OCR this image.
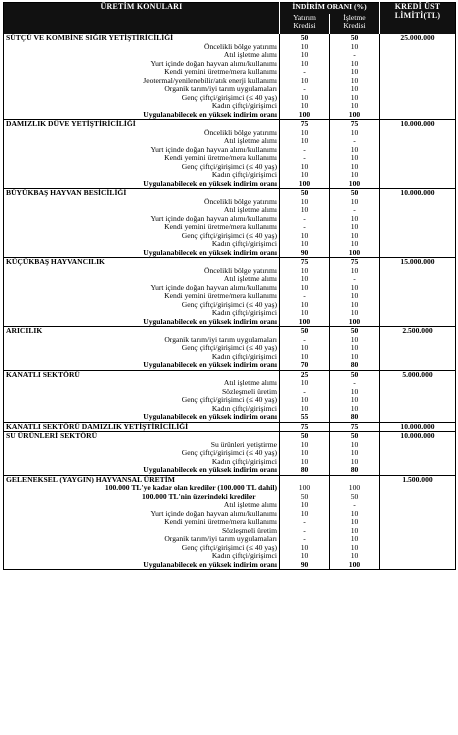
ÜRETİM KONULARI	İNDİRİM ORANI (%)		KREDİ ÜST LİMİTİ(TL)
	Yatırım Kredisi	İşletme Kredisi	
SÜTÇÜ VE KOMBİNE SIĞIR YETİŞTİRİCİLİĞİ	50	50	25.000.000
Öncelikli bölge yatırımı	10	10	
Atıl işletme alımı	10	-	
Yurt içinde doğan hayvan alımı/kullanımı	10	10	
Kendi yemini üretme/mera kullanımı	-	10	
Jeotermal/yenilenebilir/atık enerji kullanımı	10	10	
Organik tarım/iyi tarım uygulamaları	-	10	
Genç çiftçi/girişimci (≤ 40 yaş)	10	10	
Kadın çiftçi/girişimci	10	10	
Uygulanabilecek en yüksek indirim oranı	100	100	
DAMIZLIK DÜVE YETİŞTİRİCİLİĞİ	75	75	10.000.000
Öncelikli bölge yatırımı	10	10	
Atıl işletme alımı	10	-	
Yurt içinde doğan hayvan alımı/kullanımı	-	10	
Kendi yemini üretme/mera kullanımı	-	10	
Genç çiftçi/girişimci (≤ 40 yaş)	10	10	
Kadın çiftçi/girişimci	10	10	
Uygulanabilecek en yüksek indirim oranı	100	100	
BÜYÜKBAŞ HAYVAN BESİCİLİĞİ	50	50	10.000.000
Öncelikli bölge yatırımı	10	10	
Atıl işletme alımı	10	-	
Yurt içinde doğan hayvan alımı/kullanımı	-	10	
Kendi yemini üretme/mera kullanımı	-	10	
Genç çiftçi/girişimci (≤ 40 yaş)	10	10	
Kadın çiftçi/girişimci	10	10	
Uygulanabilecek en yüksek indirim oranı	90	100	
KÜÇÜKBAŞ HAYVANCILIK	75	75	15.000.000
Öncelikli bölge yatırımı	10	10	
Atıl işletme alımı	10	-	
Yurt içinde doğan hayvan alımı/kullanımı	10	10	
Kendi yemini üretme/mera kullanımı	-	10	
Genç çiftçi/girişimci (≤ 40 yaş)	10	10	
Kadın çiftçi/girişimci	10	10	
Uygulanabilecek en yüksek indirim oranı	100	100	
ARICILIK	50	50	2.500.000
Organik tarım/iyi tarım uygulamaları	-	10	
Genç çiftçi/girişimci (≤ 40 yaş)	10	10	
Kadın çiftçi/girişimci	10	10	
Uygulanabilecek en yüksek indirim oranı	70	80	
KANATLI SEKTÖRÜ	25	50	5.000.000
Atıl işletme alımı	10	-	
Sözleşmeli üretim	-	10	
Genç çiftçi/girişimci (≤ 40 yaş)	10	10	
Kadın çiftçi/girişimci	10	10	
Uygulanabilecek en yüksek indirim oranı	55	80	
KANATLI SEKTÖRÜ DAMIZLIK YETİŞTİRİCİLİĞİ	75	75	10.000.000
SU ÜRÜNLERİ SEKTÖRÜ	50	50	10.000.000
Su ürünleri yetiştirme	10	10	
Genç çiftçi/girişimci (≤ 40 yaş)	10	10	
Kadın çiftçi/girişimci	10	10	
Uygulanabilecek en yüksek indirim oranı	80	80	
GELENEKSEL (YAYGIN) HAYVANSAL ÜRETİM			1.500.000
100.000 TL'ye kadar olan krediler (100.000 TL dahil)	100	100	
100.000 TL'nin üzerindeki krediler	50	50	
Atıl işletme alımı	10	-	
Yurt içinde doğan hayvan alımı/kullanımı	10	10	
Kendi yemini üretme/mera kullanımı	-	10	
Sözleşmeli üretim	-	10	
Organik tarım/iyi tarım uygulamaları	-	10	
Genç çiftçi/girişimci (≤ 40 yaş)	10	10	
Kadın çiftçi/girişimci	10	10	
Uygulanabilecek en yüksek indirim oranı	90	100	
